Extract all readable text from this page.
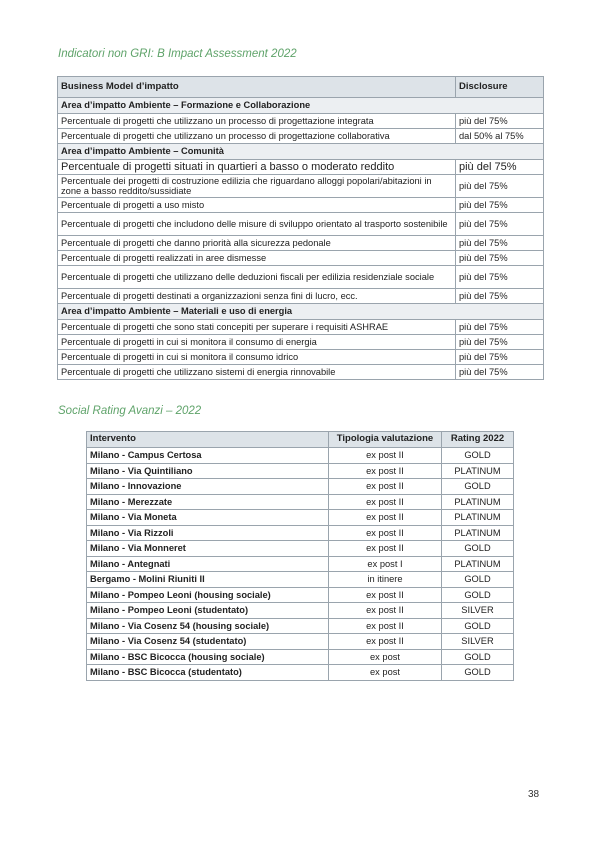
Indicatori non GRI: B Impact Assessment 2022
Business Model d’impatto	Disclosure
Area d’impatto Ambiente – Formazione e Collaborazione	
Percentuale di progetti che utilizzano un processo di progettazione integrata	più del 75%
Percentuale di progetti che utilizzano un processo di progettazione collaborativa	dal 50% al 75%
Area d’impatto Ambiente – Comunità	
Percentuale di progetti situati in quartieri a basso o moderato reddito	più del 75%
Percentuale dei progetti di costruzione edilizia che riguardano alloggi popolari/abitazioni in zone a basso reddito/sussidiate	più del 75%
Percentuale di progetti a uso misto	più del 75%
Percentuale di progetti che includono delle misure di sviluppo orientato al trasporto sostenibile	più del 75%
Percentuale di progetti che danno priorità alla sicurezza pedonale	più del 75%
Percentuale di progetti realizzati in aree dismesse	più del 75%
Percentuale di progetti che utilizzano delle deduzioni fiscali per edilizia residenziale sociale	più del 75%
Percentuale di progetti destinati a organizzazioni senza fini di lucro, ecc.	più del 75%
Area d’impatto Ambiente – Materiali e uso di energia	
Percentuale di progetti che sono stati concepiti per superare i requisiti ASHRAE	più del 75%
Percentuale di progetti in cui si monitora il consumo di energia	più del 75%
Percentuale di progetti in cui si monitora il consumo idrico	più del 75%
Percentuale di progetti che utilizzano sistemi di energia rinnovabile	più del 75%
Social Rating Avanzi – 2022
Intervento	Tipologia valutazione	Rating 2022
Milano - Campus Certosa	ex post II	GOLD
Milano - Via Quintiliano	ex post II	PLATINUM
Milano - Innovazione	ex post II	GOLD
Milano - Merezzate	ex post II	PLATINUM
Milano - Via Moneta	ex post II	PLATINUM
Milano - Via Rizzoli	ex post II	PLATINUM
Milano - Via Monneret	ex post II	GOLD
Milano - Antegnati	ex post I	PLATINUM
Bergamo - Molini Riuniti II	in itinere	GOLD
Milano - Pompeo Leoni (housing sociale)	ex post II	GOLD
Milano - Pompeo Leoni (studentato)	ex post II	SILVER
Milano - Via Cosenz 54 (housing sociale)	ex post II	GOLD
Milano - Via Cosenz 54 (studentato)	ex post II	SILVER
Milano - BSC Bicocca (housing sociale)	ex post	GOLD
Milano - BSC Bicocca (studentato)	ex post	GOLD
38
